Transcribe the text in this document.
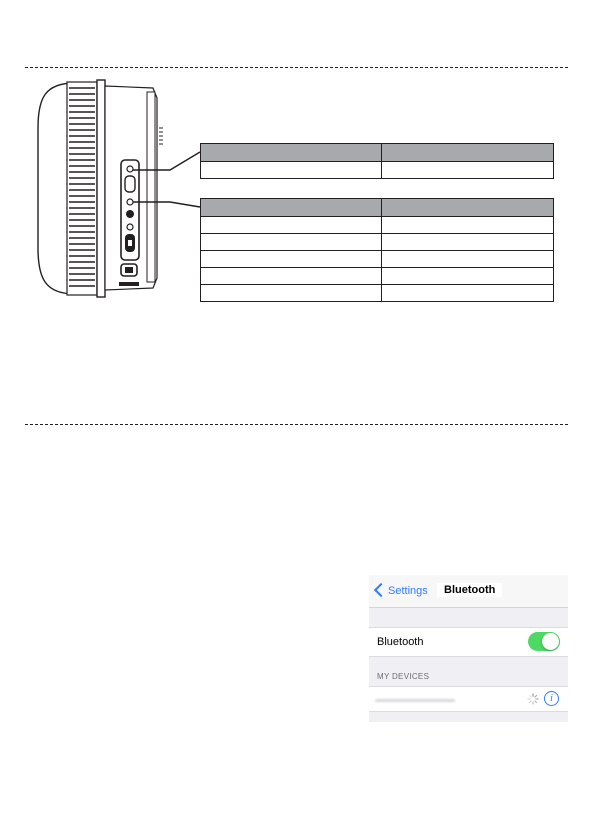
Settings	Bluetooth
Bluetooth
MY DEVICES
i
